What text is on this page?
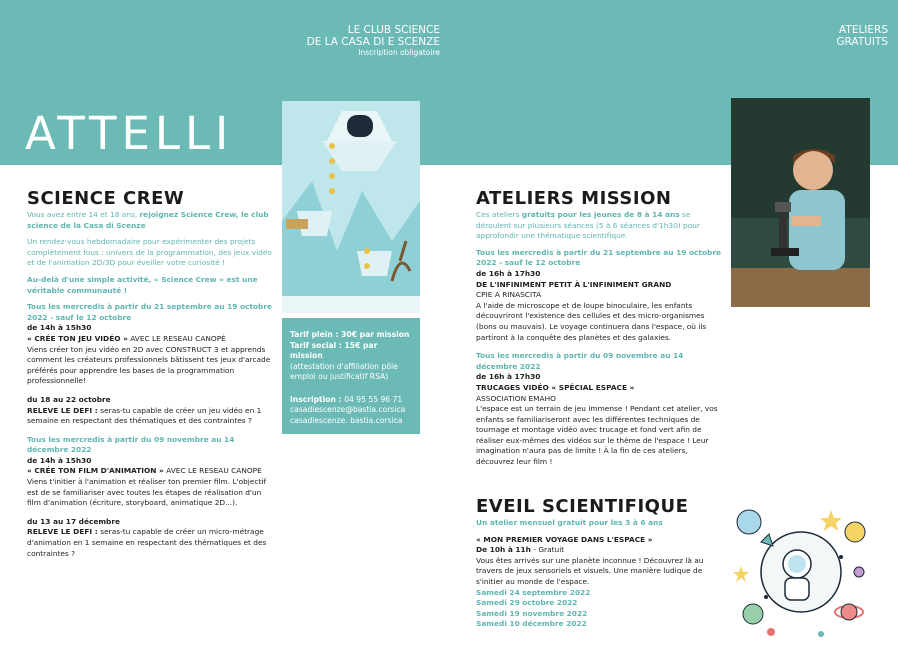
LE CLUB SCIENCE
DE LA CASA DI E SCENZE
Inscription obligatoire
ATELIERS
GRATUITS
ATTELLI
Tarif plein : 30€ par mission
Tarif social : 15€ par mission
(attestation d'affiliation pôle emploi ou justificatif RSA)
Inscription : 04 95 55 96 71
casadiescenze@bastia.corsica
casadiescenze. bastia.corsica
SCIENCE CREW

Vous avez entre 14 et 18 ans, rejoignez Science Crew, le club science de la Casa di Scenze

Un rendez-vous hebdomadaire pour expérimenter des projets complètement fous : univers de la programmation, des jeux vidéo et de l'animation 2D/3D pour éveiller votre curiosité !

Au-delà d'une simple activité, « Science Crew » est une véritable communauté !

Tous les mercredis à partir du 21 septembre au 19 octobre 2022 - sauf le 12 octobre
de 14h à 15h30
« CRÉE TON JEU VIDÉO » AVEC LE RESEAU CANOPÉ

Viens créer ton jeu vidéo en 2D avec CONSTRUCT 3 et apprends comment les créateurs professionnels bâtissent tes jeux d'arcade préférés pour apprendre les bases de la programmation professionnelle!

du 18 au 22 octobre

RELEVE LE DEFI : seras-tu capable de créer un jeu vidéo en 1 semaine en respectant des thématiques et des contraintes ?

Tous les mercredis à partir du 09 novembre au 14 décembre 2022
de 14h à 15h30
« CRÉE TON FILM D'ANIMATION » AVEC LE RESEAU CANOPE

Viens t'initier à l'animation et réaliser ton premier film. L'objectif est de se familiariser avec toutes les étapes de réalisation d'un film d'animation (écriture, storyboard, animatique 2D...).

du 13 au 17 décembre

RELEVE LE DEFI : seras-tu capable de créer un micro-métrage d'animation en 1 semaine en respectant des thématiques et des contraintes ?

ATELIERS MISSION

Ces ateliers gratuits pour les jeunes de 8 à 14 ans se déroulent sur plusieurs séances (5 à 6 séances d'1h30) pour approfondir une thématique scientifique.

Tous les mercredis à partir du 21 septembre au 19 octobre 2022 - sauf le 12 octobre
de 16h à 17h30
DE L'INFINIMENT PETIT À L'INFINIMENT GRAND
CPIE A RINASCITA

A l'aide de microscope et de loupe binoculaire, les enfants découvriront l'existence des cellules et des micro-organismes (bons ou mauvais). Le voyage continuera dans l'espace, où ils partiront à la conquête des planètes et des galaxies.

Tous les mercredis à partir du 09 novembre au 14 décembre 2022
de 16h à 17h30
TRUCAGES VIDÉO « SPÉCIAL ESPACE »
ASSOCIATION EMAHO

L'espace est un terrain de jeu immense ! Pendant cet atelier, vos enfants se familiariseront avec les différentes techniques de tournage et montage vidéo avec trucage et fond vert afin de réaliser eux-mêmes des vidéos sur le thème de l'espace ! Leur imagination n'aura pas de limite ! À la fin de ces ateliers, découvrez leur film !

EVEIL SCIENTIFIQUE
Un atelier mensuel gratuit pour les 3 à 6 ans
« MON PREMIER VOYAGE DANS L'ESPACE »
De 10h à 11h - Gratuit
Vous êtes arrivés sur une planète inconnue ! Découvrez là au travers de jeux sensoriels et visuels. Une manière ludique de s'initier au monde de l'espace.
Samedi 24 septembre 2022
Samedi 29 octobre 2022
Samedi 19 novembre 2022
Samedi 10 décembre 2022
